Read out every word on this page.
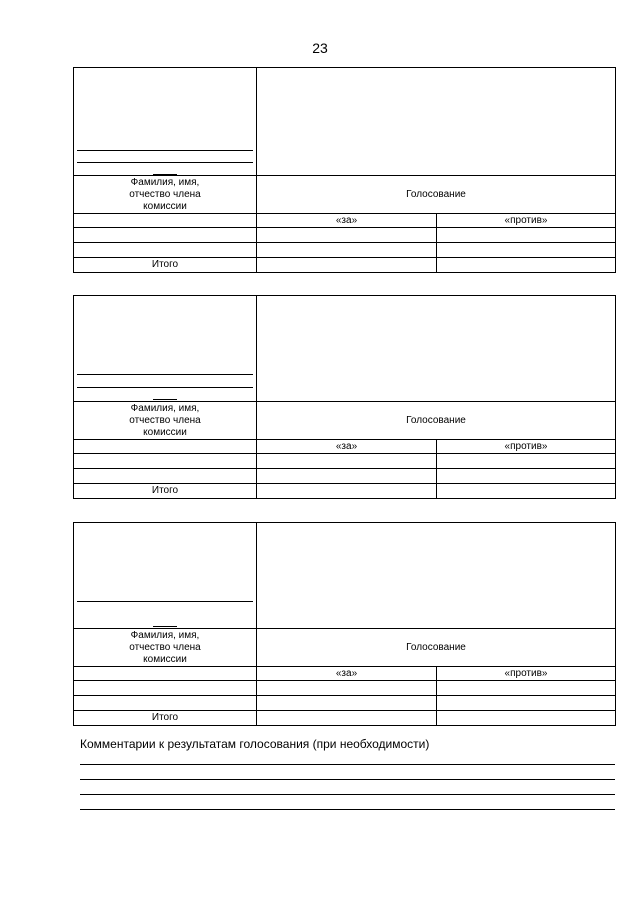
23

Фамилия, имя,
отчество члена
комиссии	Голосование	
	«за»	«против»

Итого		

Фамилия, имя,
отчество члена
комиссии	Голосование	
	«за»	«против»

Итого		

Фамилия, имя,
отчество члена
комиссии	Голосование	
	«за»	«против»

Итого		
Комментарии к результатам голосования (при необходимости)
